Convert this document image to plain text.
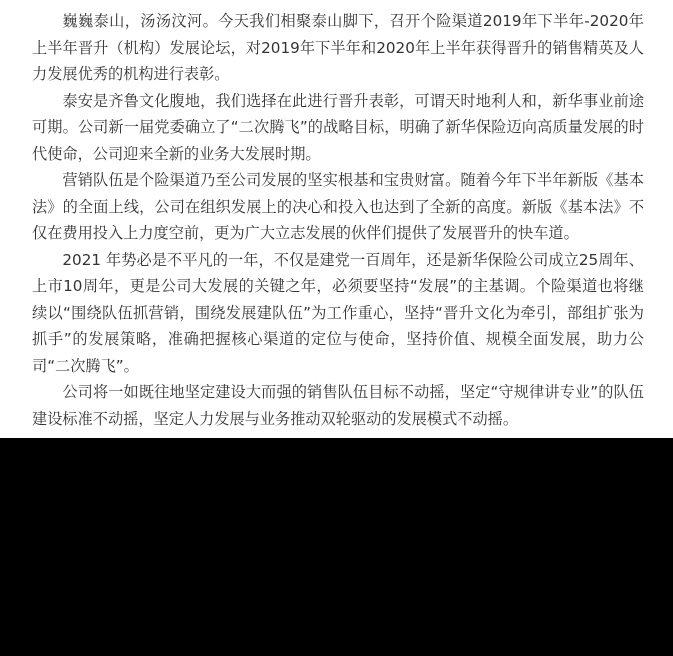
巍巍泰山，汤汤汶河。今天我们相聚泰山脚下，召开个险渠道2019年下半年-2020年上半年晋升（机构）发展论坛，对2019年下半年和2020年上半年获得晋升的销售精英及人力发展优秀的机构进行表彰。

泰安是齐鲁文化腹地，我们选择在此进行晋升表彰，可谓天时地利人和，新华事业前途可期。公司新一届党委确立了“二次腾飞”的战略目标，明确了新华保险迈向高质量发展的时代使命，公司迎来全新的业务大发展时期。

营销队伍是个险渠道乃至公司发展的坚实根基和宝贵财富。随着今年下半年新版《基本法》的全面上线，公司在组织发展上的决心和投入也达到了全新的高度。新版《基本法》不仅在费用投入上力度空前，更为广大立志发展的伙伴们提供了发展晋升的快车道。

2021 年势必是不平凡的一年，不仅是建党一百周年，还是新华保险公司成立25周年、上市10周年，更是公司大发展的关键之年，必须要坚持“发展”的主基调。个险渠道也将继续以“围绕队伍抓营销，围绕发展建队伍”为工作重心，坚持“晋升文化为牵引，部组扩张为抓手”的发展策略，准确把握核心渠道的定位与使命，坚持价值、规模全面发展，助力公司“二次腾飞”。

公司将一如既往地坚定建设大而强的销售队伍目标不动摇，坚定“守规律讲专业”的队伍建设标准不动摇，坚定人力发展与业务推动双轮驱动的发展模式不动摇。
